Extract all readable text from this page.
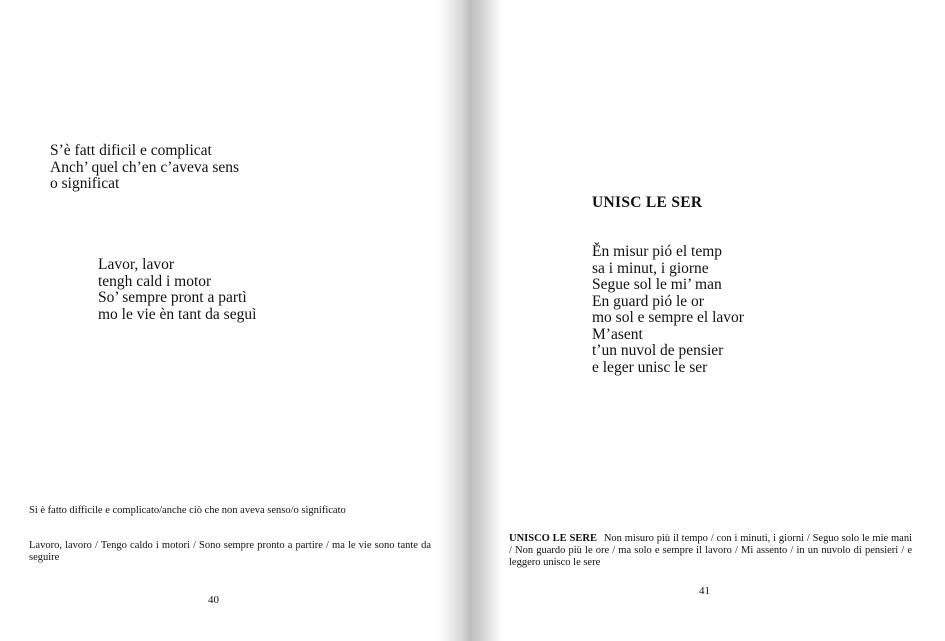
S’è fatt dificil e complicat
Anch’ quel ch’en c’aveva sens
o significat
Lavor, lavor
tengh cald i motor
So’ sempre pront a partì
mo le vie èn tant da seguì
Si è fatto difficile e complicato/anche ciò che non aveva senso/o significato
Lavoro, lavoro / Tengo caldo i motori / Sono sempre pronto a partire / ma le vie sono tante da seguire
40
UNISC LE SER
Ěn misur pió el temp
sa i minut, i giorne
Segue sol le mi’ man
En guard pió le or
mo sol e sempre el lavor
M’asent
t’un nuvol de pensier
e leger unisc le ser
UNISCO LE SERE Non misuro più il tempo / con i minuti, i giorni / Seguo solo le mie mani / Non guardo più le ore / ma solo e sempre il lavoro / Mi assento / in un nuvolo di pensieri / e leggero unisco le sere
41
